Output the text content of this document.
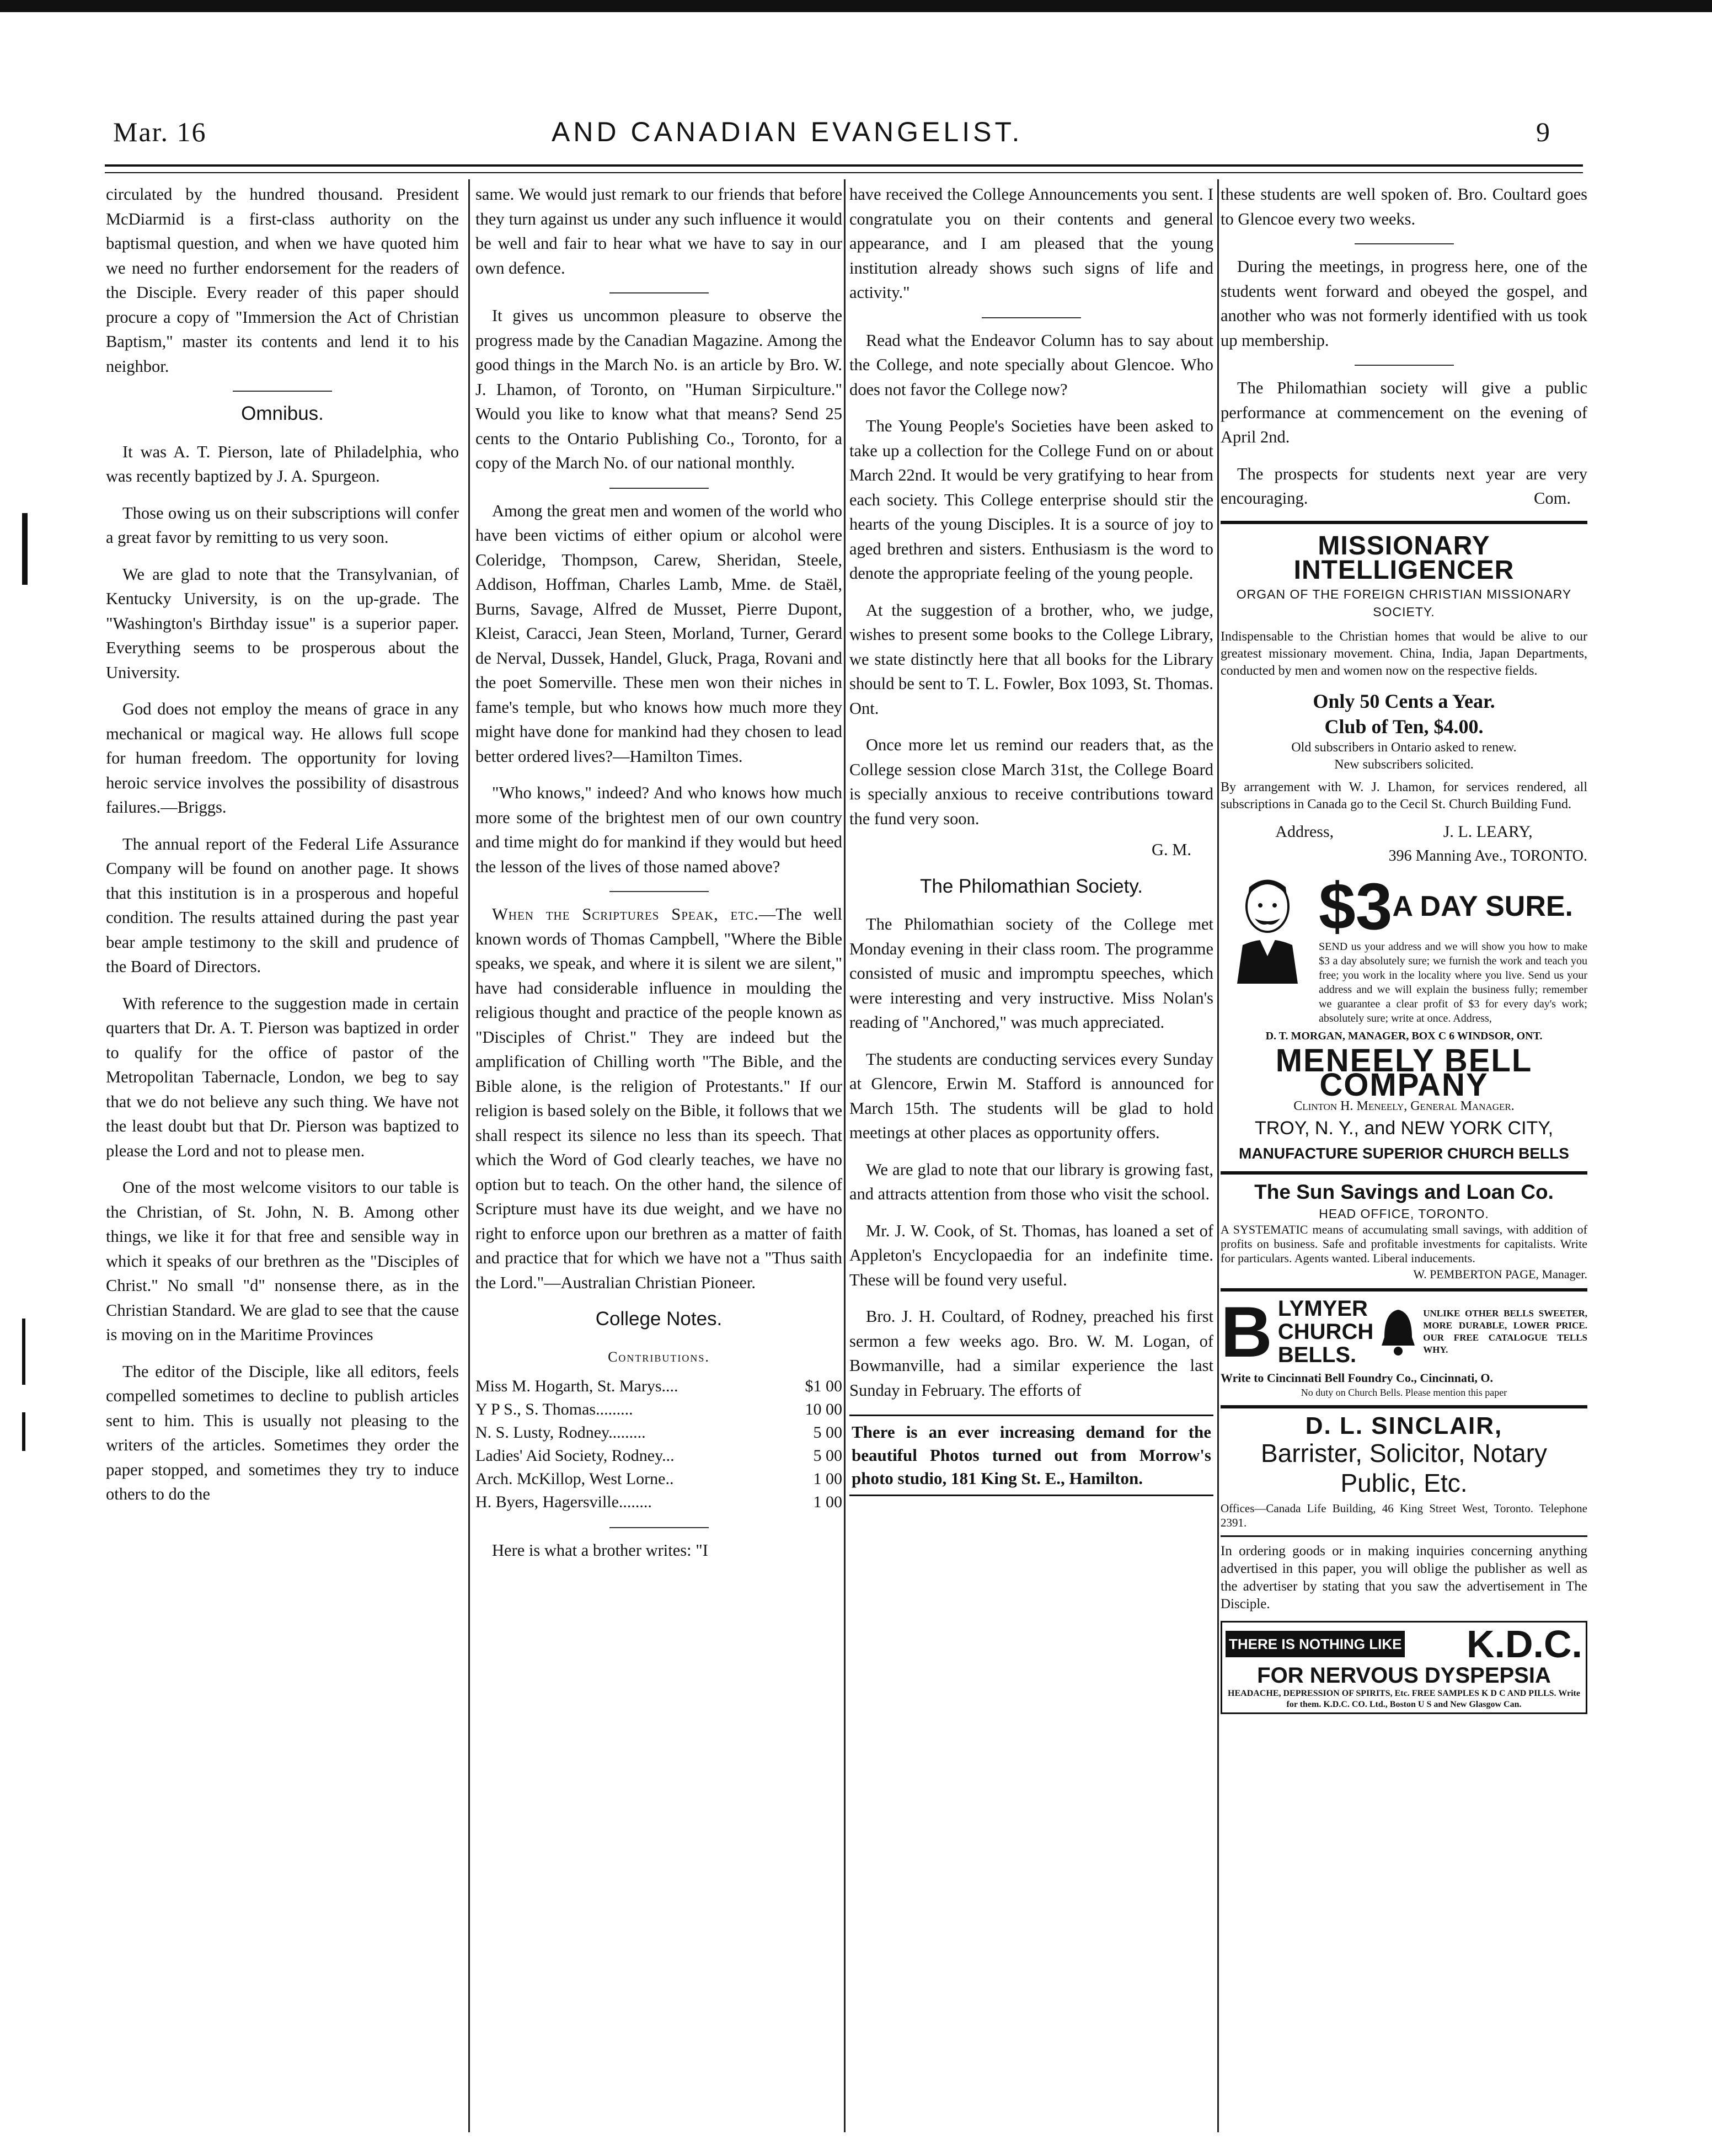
Mar. 16	AND CANADIAN EVANGELIST.	9

circulated by the hundred thousand. President McDiarmid is a first-class authority on the baptismal question, and when we have quoted him we need no further endorsement for the readers of the Disciple. Every reader of this paper should procure a copy of "Immersion the Act of Christian Baptism," master its contents and lend it to his neighbor.

Omnibus.

It was A. T. Pierson, late of Philadelphia, who was recently baptized by J. A. Spurgeon.

Those owing us on their subscriptions will confer a great favor by remitting to us very soon.

We are glad to note that the Transylvanian, of Kentucky University, is on the up-grade. The "Washington's Birthday issue" is a superior paper. Everything seems to be prosperous about the University.

God does not employ the means of grace in any mechanical or magical way. He allows full scope for human freedom. The opportunity for loving heroic service involves the possibility of disastrous failures.—Briggs.

The annual report of the Federal Life Assurance Company will be found on another page. It shows that this institution is in a prosperous and hopeful condition. The results attained during the past year bear ample testimony to the skill and prudence of the Board of Directors.

With reference to the suggestion made in certain quarters that Dr. A. T. Pierson was baptized in order to qualify for the office of pastor of the Metropolitan Tabernacle, London, we beg to say that we do not believe any such thing. We have not the least doubt but that Dr. Pierson was baptized to please the Lord and not to please men.

One of the most welcome visitors to our table is the Christian, of St. John, N. B. Among other things, we like it for that free and sensible way in which it speaks of our brethren as the "Disciples of Christ." No small "d" nonsense there, as in the Christian Standard. We are glad to see that the cause is moving on in the Maritime Provinces

The editor of the Disciple, like all editors, feels compelled sometimes to decline to publish articles sent to him. This is usually not pleasing to the writers of the articles. Sometimes they order the paper stopped, and sometimes they try to induce others to do the

same. We would just remark to our friends that before they turn against us under any such influence it would be well and fair to hear what we have to say in our own defence.

It gives us uncommon pleasure to observe the progress made by the Canadian Magazine. Among the good things in the March No. is an article by Bro. W. J. Lhamon, of Toronto, on "Human Sirpiculture." Would you like to know what that means? Send 25 cents to the Ontario Publishing Co., Toronto, for a copy of the March No. of our national monthly.

Among the great men and women of the world who have been victims of either opium or alcohol were Coleridge, Thompson, Carew, Sheridan, Steele, Addison, Hoffman, Charles Lamb, Mme. de Staël, Burns, Savage, Alfred de Musset, Pierre Dupont, Kleist, Caracci, Jean Steen, Morland, Turner, Gerard de Nerval, Dussek, Handel, Gluck, Praga, Rovani and the poet Somerville. These men won their niches in fame's temple, but who knows how much more they might have done for mankind had they chosen to lead better ordered lives?—Hamilton Times.

"Who knows," indeed? And who knows how much more some of the brightest men of our own country and time might do for mankind if they would but heed the lesson of the lives of those named above?

When the Scriptures Speak, etc.—The well known words of Thomas Campbell, "Where the Bible speaks, we speak, and where it is silent we are silent," have had considerable influence in moulding the religious thought and practice of the people known as "Disciples of Christ." They are indeed but the amplification of Chilling worth "The Bible, and the Bible alone, is the religion of Protestants." If our religion is based solely on the Bible, it follows that we shall respect its silence no less than its speech. That which the Word of God clearly teaches, we have no option but to teach. On the other hand, the silence of Scripture must have its due weight, and we have no right to enforce upon our brethren as a matter of faith and practice that for which we have not a "Thus saith the Lord."—Australian Christian Pioneer.

College Notes.
Contributions.
Miss M. Hogarth, St. Marys....	$1 00
Y P S., S. Thomas.........	10 00
N. S. Lusty, Rodney.........	5 00
Ladies' Aid Society, Rodney...	5 00
Arch. McKillop, West Lorne..	1 00
H. Byers, Hagersville........	1 00

Here is what a brother writes: "I

have received the College Announcements you sent. I congratulate you on their contents and general appearance, and I am pleased that the young institution already shows such signs of life and activity."

Read what the Endeavor Column has to say about the College, and note specially about Glencoe. Who does not favor the College now?

The Young People's Societies have been asked to take up a collection for the College Fund on or about March 22nd. It would be very gratifying to hear from each society. This College enterprise should stir the hearts of the young Disciples. It is a source of joy to aged brethren and sisters. Enthusiasm is the word to denote the appropriate feeling of the young people.

At the suggestion of a brother, who, we judge, wishes to present some books to the College Library, we state distinctly here that all books for the Library should be sent to T. L. Fowler, Box 1093, St. Thomas. Ont.

Once more let us remind our readers that, as the College session close March 31st, the College Board is specially anxious to receive contributions toward the fund very soon.

G. M.
The Philomathian Society.

The Philomathian society of the College met Monday evening in their class room. The programme consisted of music and impromptu speeches, which were interesting and very instructive. Miss Nolan's reading of "Anchored," was much appreciated.

The students are conducting services every Sunday at Glencore, Erwin M. Stafford is announced for March 15th. The students will be glad to hold meetings at other places as opportunity offers.

We are glad to note that our library is growing fast, and attracts attention from those who visit the school.

Mr. J. W. Cook, of St. Thomas, has loaned a set of Appleton's Encyclopaedia for an indefinite time. These will be found very useful.

Bro. J. H. Coultard, of Rodney, preached his first sermon a few weeks ago. Bro. W. M. Logan, of Bowmanville, had a similar experience the last Sunday in February. The efforts of

There is an ever increasing demand for the beautiful Photos turned out from Morrow's photo studio, 181 King St. E., Hamilton.

these students are well spoken of. Bro. Coultard goes to Glencoe every two weeks.

During the meetings, in progress here, one of the students went forward and obeyed the gospel, and another who was not formerly identified with us took up membership.

The Philomathian society will give a public performance at commencement on the evening of April 2nd.

The prospects for students next year are very encouraging.	Com.

MISSIONARY INTELLIGENCER
ORGAN OF THE FOREIGN CHRISTIAN MISSIONARY SOCIETY.
Indispensable to the Christian homes that would be alive to our greatest missionary movement. China, India, Japan Departments, conducted by men and women now on the respective fields.
Only 50 Cents a Year.
Club of Ten, $4.00.
Old subscribers in Ontario asked to renew.
New subscribers solicited.
By arrangement with W. J. Lhamon, for services rendered, all subscriptions in Canada go to the Cecil St. Church Building Fund.
Address,	J. L. LEARY,
396 Manning Ave., TORONTO.
$3 A DAY SURE.
SEND us your address and we will show you how to make $3 a day absolutely sure; we furnish the work and teach you free; you work in the locality where you live. Send us your address and we will explain the business fully; remember we guarantee a clear profit of $3 for every day's work; absolutely sure; write at once. Address,
D. T. MORGAN, MANAGER, BOX C 6 WINDSOR, ONT.
MENEELY BELL COMPANY
Clinton H. Meneely, General Manager.
TROY, N. Y., and NEW YORK CITY,
MANUFACTURE SUPERIOR CHURCH BELLS
The Sun Savings and Loan Co.
HEAD OFFICE, TORONTO.
A SYSTEMATIC means of accumulating small savings, with addition of profits on business. Safe and profitable investments for capitalists. Write for particulars. Agents wanted. Liberal inducements.
W. PEMBERTON PAGE, Manager.
B LYMYER
CHURCH
BELLS.
UNLIKE OTHER BELLS SWEETER, MORE DURABLE, LOWER PRICE. OUR FREE CATALOGUE TELLS WHY.
Write to Cincinnati Bell Foundry Co., Cincinnati, O.
No duty on Church Bells. Please mention this paper
D. L. SINCLAIR,
Barrister, Solicitor, Notary Public, Etc.
Offices—Canada Life Building, 46 King Street West, Toronto. Telephone 2391.
In ordering goods or in making inquiries concerning anything advertised in this paper, you will oblige the publisher as well as the advertiser by stating that you saw the advertisement in The Disciple.
THERE IS NOTHING LIKE K.D.C.
FOR NERVOUS DYSPEPSIA
HEADACHE, DEPRESSION OF SPIRITS, Etc. FREE SAMPLES K D C AND PILLS. Write for them. K.D.C. CO. Ltd., Boston U S and New Glasgow Can.
